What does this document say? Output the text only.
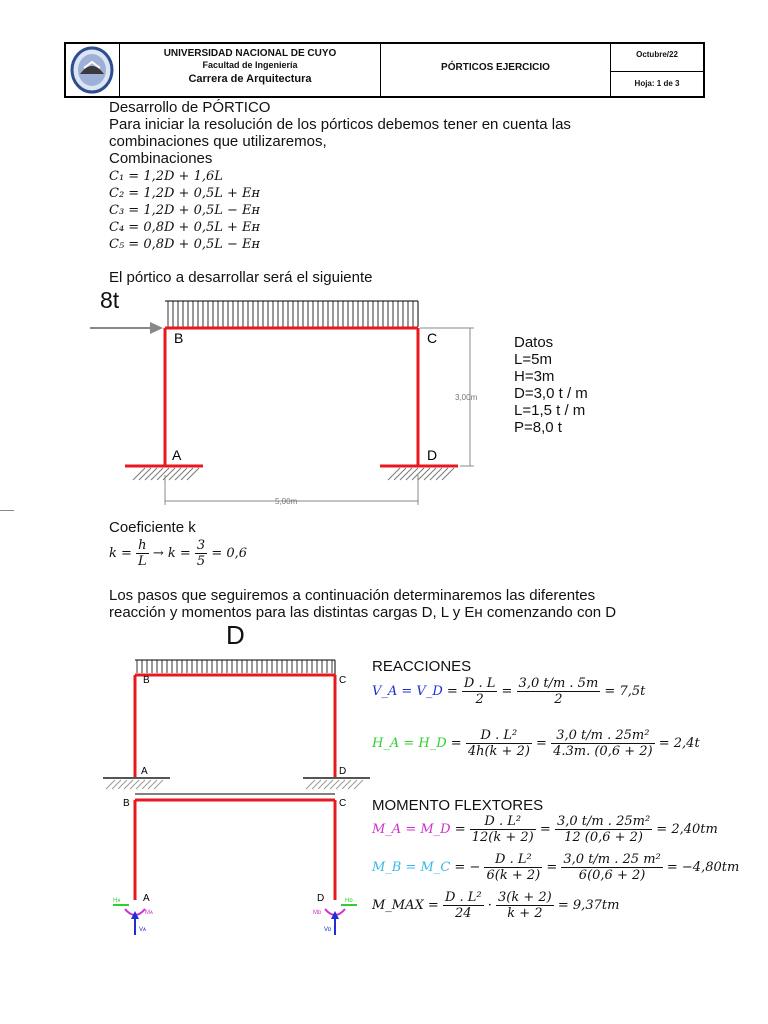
UNIVERSIDAD NACIONAL DE CUYO
Facultad de Ingeniería
Carrera de Arquitectura
PÓRTICOS EJERCICIO
Octubre/22
Hoja: 1 de 3
Desarrollo de PÓRTICO
Para iniciar la resolución de los pórticos debemos tener en cuenta las combinaciones que utilizaremos,
Combinaciones
C₁ = 1,2D + 1,6L
C₂ = 1,2D + 0,5L + Eʜ
C₃ = 1,2D + 0,5L − Eʜ
C₄ = 0,8D + 0,5L + Eʜ
C₅ = 0,8D + 0,5L − Eʜ
El pórtico a desarrollar será el siguiente
3,00m
5,00m
B	C
A	D
8t
Datos
L=5m
H=3m
D=3,0 t / m
L=1,5 t / m
P=8,0 t
Coeficiente k
$k = \frac{h}{L} \to k = \frac{3}{5} = 0,6$
Los pasos que seguiremos a continuación determinaremos las diferentes reacción y momentos para las distintas cargas D, L y Eʜ comenzando con D
D
B	C
A	D
B	C
A	D
Hᴀ
Mᴀ
Vᴀ
Hᴅ
Mᴅ
Vᴅ
REACCIONES
V_A = V_D = $\frac{D . L}{2} = \frac{3,0 t/m . 5m}{2} = 7,5t$
H_A = H_D = $\frac{\text{D . L²}}{4h(k + 2)} = \frac{\text{3,0 t/m . 25m²}}{4.3m. (0,6 + 2)} = 2,4t$
MOMENTO FLEXTORES
M_A = M_D = $\frac{\text{D . L²}}{12(k + 2)} = \frac{\text{3,0 t/m . 25m²}}{12 (0,6 + 2)} = 2,40tm$
M_B = M_C = − $\frac{\text{D . L²}}{6(k + 2)} = \frac{\text{3,0 t/m . 25 m²}}{6(0,6 + 2)} = -4,80tm$
M_MAX = $\frac{\text{D . L²}}{24} \cdot \frac{3(k + 2)}{k + 2} = 9,37tm$
